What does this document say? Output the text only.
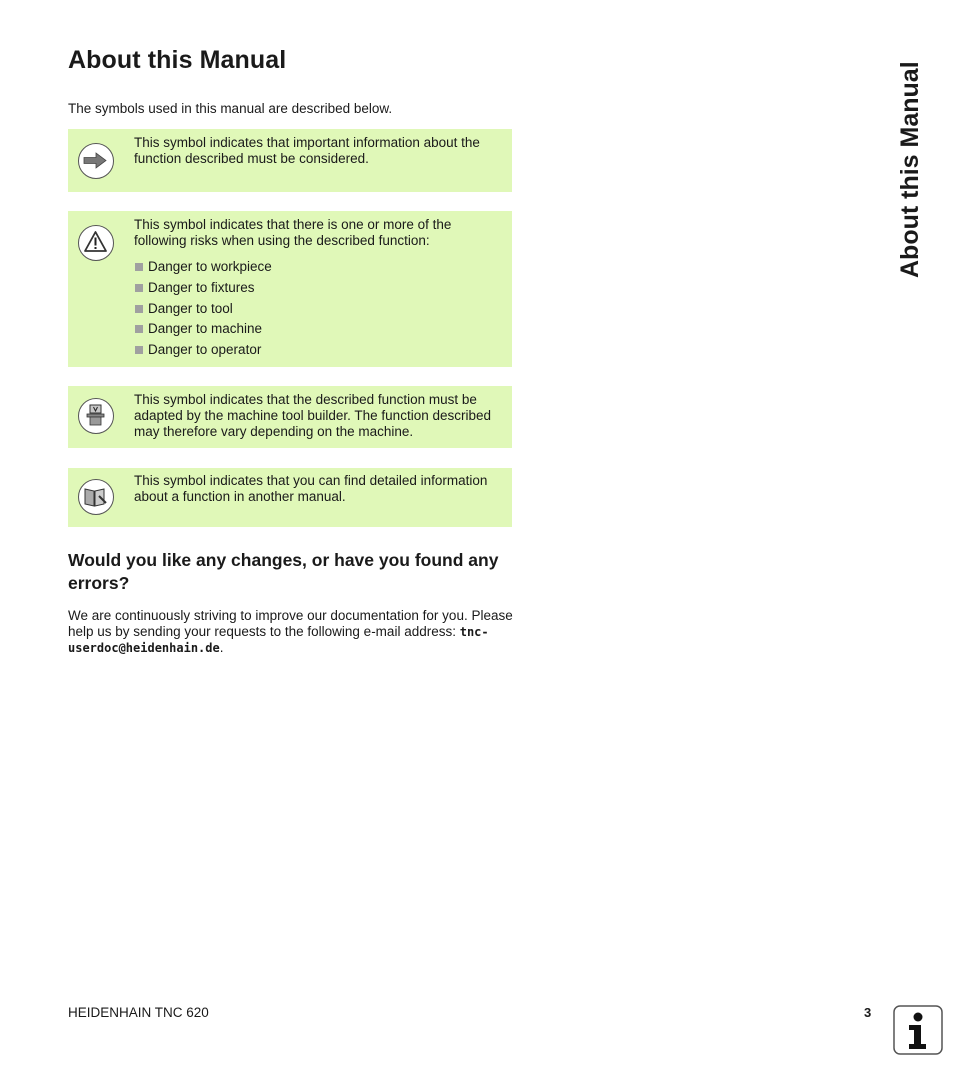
About this Manual

The symbols used in this manual are described below.

This symbol indicates that important information about the function described must be considered.
This symbol indicates that there is one or more of the following risks when using the described function:
Danger to workpiece
Danger to fixtures
Danger to tool
Danger to machine
Danger to operator
This symbol indicates that the described function must be adapted by the machine tool builder. The function described may therefore vary depending on the machine.
This symbol indicates that you can find detailed information about a function in another manual.
Would you like any changes, or have you found any errors?

We are continuously striving to improve our documentation for you. Please help us by sending your requests to the following e-mail address: tnc-userdoc@heidenhain.de.

About this Manual
HEIDENHAIN TNC 620	3
